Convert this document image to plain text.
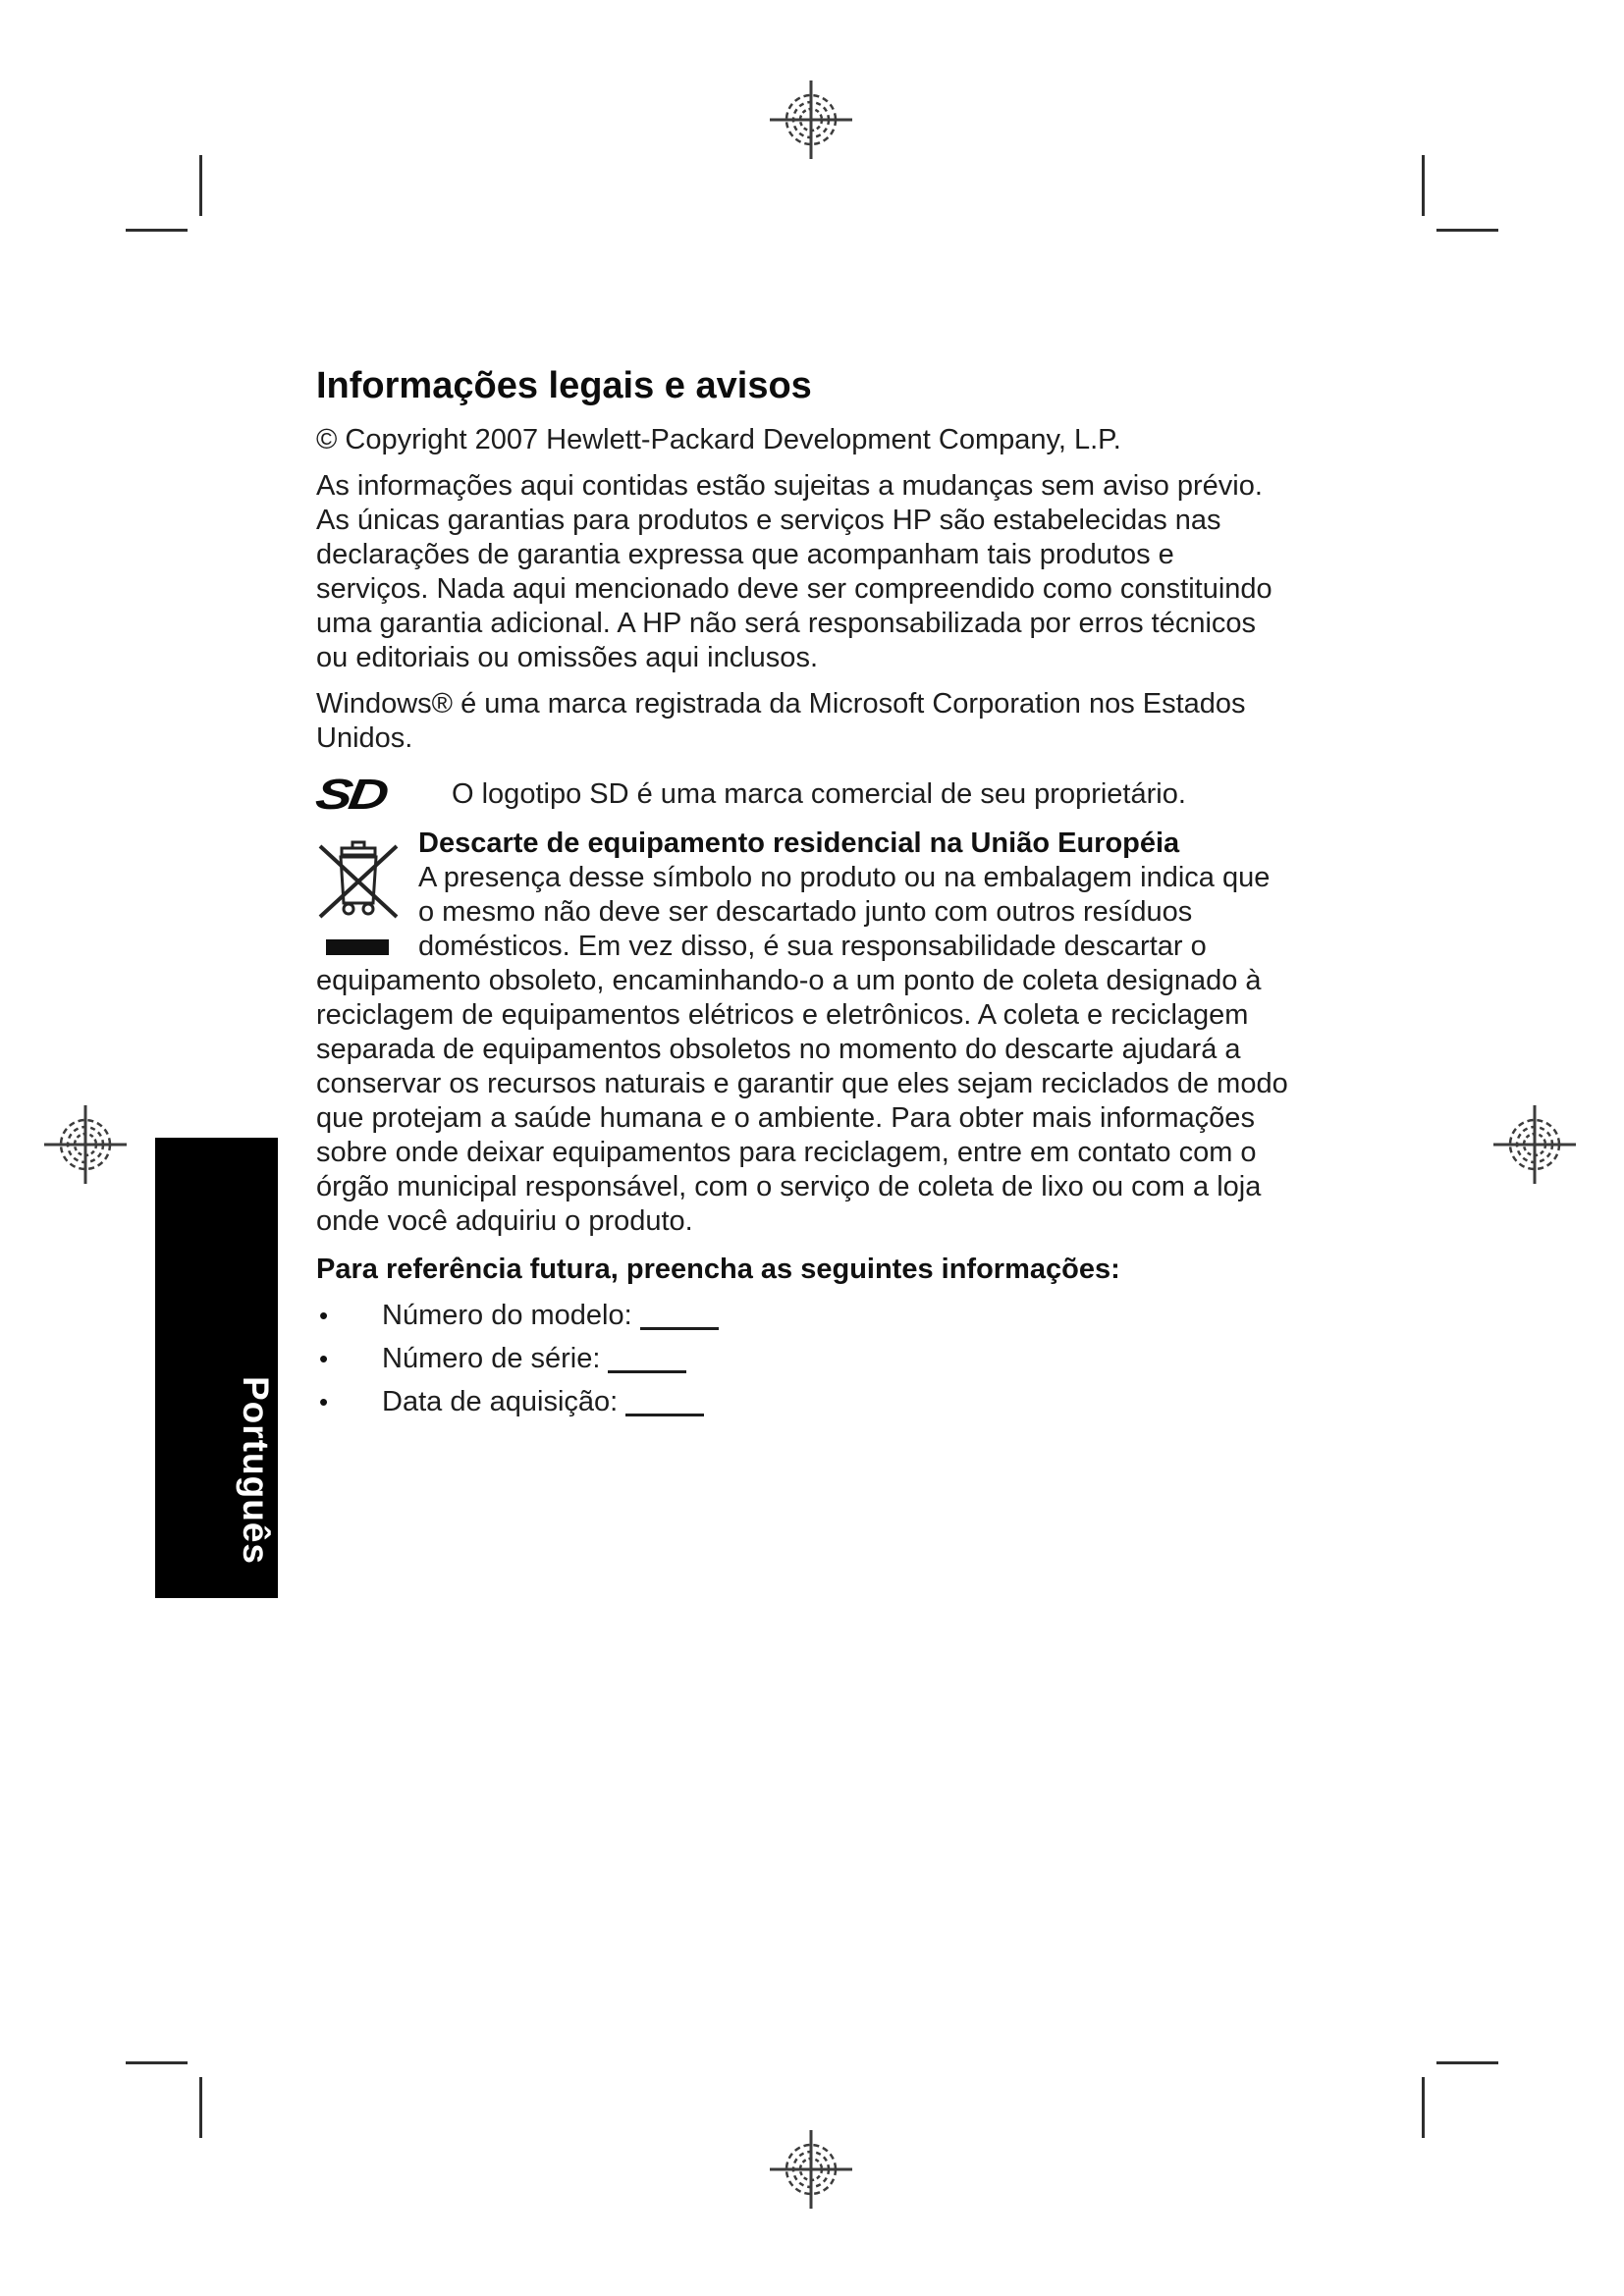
Português
Informações legais e avisos

© Copyright 2007 Hewlett-Packard Development Company, L.P.

As informações aqui contidas estão sujeitas a mudanças sem aviso prévio. As únicas garantias para produtos e serviços HP são estabelecidas nas declarações de garantia expressa que acompanham tais produtos e serviços. Nada aqui mencionado deve ser compreendido como constituindo uma garantia adicional. A HP não será responsabilizada por erros técnicos ou editoriais ou omissões aqui inclusos.

Windows® é uma marca registrada da Microsoft Corporation nos Estados Unidos.

SD	O logotipo SD é uma marca comercial de seu proprietário.
Descarte de equipamento residencial na União Européia

A presença desse símbolo no produto ou na embalagem indica que o mesmo não deve ser descartado junto com outros resíduos domésticos. Em vez disso, é sua responsabilidade descartar o equipamento obsoleto, encaminhando-o a um ponto de coleta designado à reciclagem de equipamentos elétricos e eletrônicos. A coleta e reciclagem separada de equipamentos obsoletos no momento do descarte ajudará a conservar os recursos naturais e garantir que eles sejam reciclados de modo que protejam a saúde humana e o ambiente. Para obter mais informações sobre onde deixar equipamentos para reciclagem, entre em contato com o órgão municipal responsável, com o serviço de coleta de lixo ou com a loja onde você adquiriu o produto.

Para referência futura, preencha as seguintes informações:

•	Número do modelo:
•	Número de série:
•	Data de aquisição:
